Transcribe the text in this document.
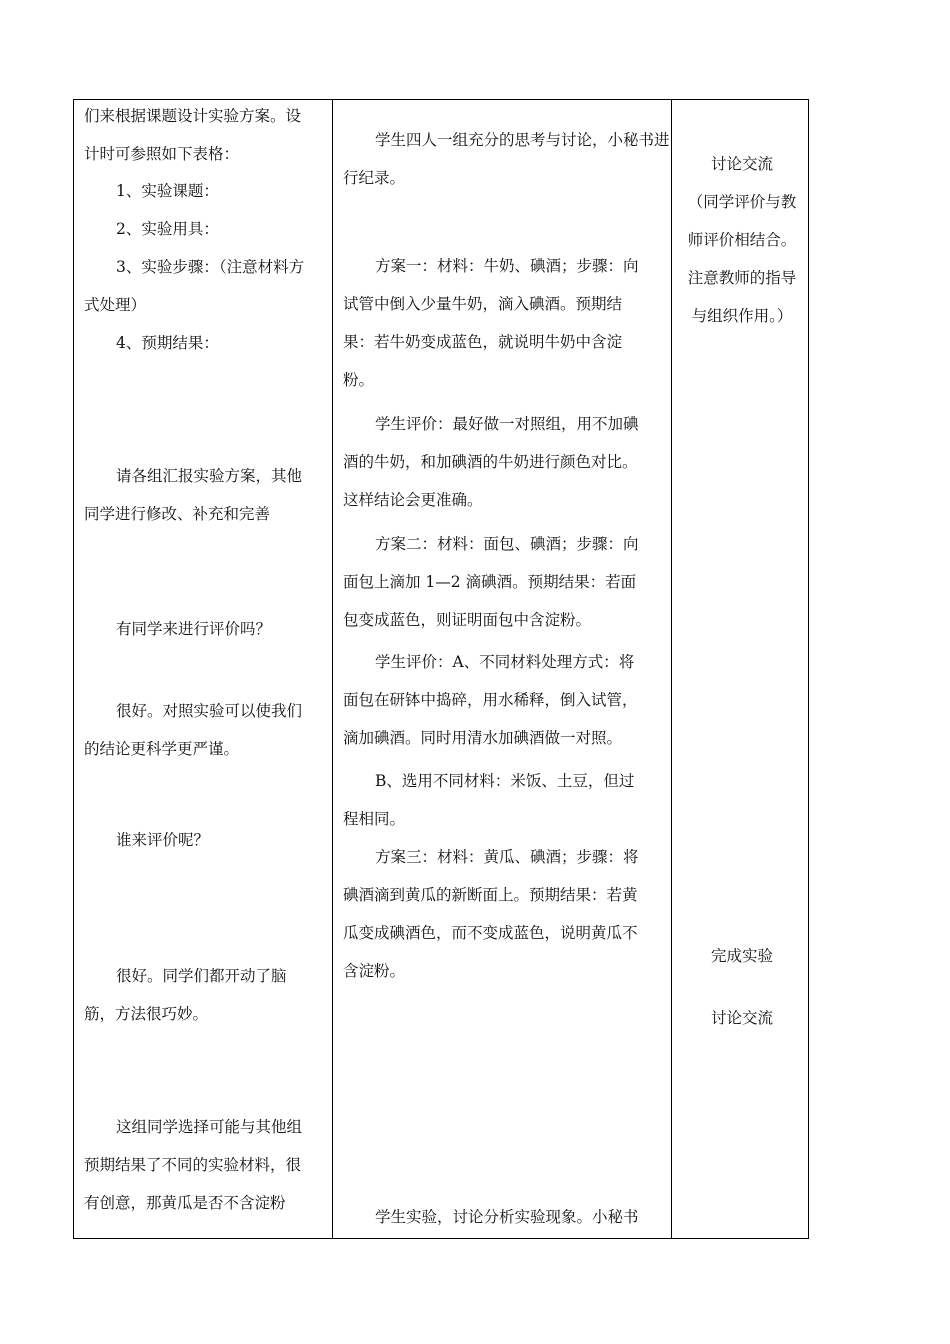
们来根据课题设计实验方案。设
计时可参照如下表格：
1、实验课题：
2、实验用具：
3、实验步骤：（注意材料方
式处理）
4、预期结果：
请各组汇报实验方案，其他
同学进行修改、补充和完善
有同学来进行评价吗？
很好。对照实验可以使我们
的结论更科学更严谨。
谁来评价呢？
很好。同学们都开动了脑
筋，方法很巧妙。
这组同学选择可能与其他组
预期结果了不同的实验材料，很
有创意，那黄瓜是否不含淀粉
学生四人一组充分的思考与讨论，小秘书进
行纪录。
方案一：材料：牛奶、碘酒；步骤：向
试管中倒入少量牛奶，滴入碘酒。预期结
果：若牛奶变成蓝色，就说明牛奶中含淀
粉。
学生评价：最好做一对照组，用不加碘
酒的牛奶，和加碘酒的牛奶进行颜色对比。
这样结论会更准确。
方案二：材料：面包、碘酒；步骤：向
面包上滴加 1—2 滴碘酒。预期结果：若面
包变成蓝色，则证明面包中含淀粉。
学生评价：A、不同材料处理方式：将
面包在研钵中捣碎，用水稀释，倒入试管，
滴加碘酒。同时用清水加碘酒做一对照。
B、选用不同材料：米饭、土豆，但过
程相同。
方案三：材料：黄瓜、碘酒；步骤：将
碘酒滴到黄瓜的新断面上。预期结果：若黄
瓜变成碘酒色，而不变成蓝色，说明黄瓜不
含淀粉。
学生实验，讨论分析实验现象。小秘书
讨论交流
（同学评价与教
师评价相结合。
注意教师的指导
与组织作用。）
完成实验
讨论交流
